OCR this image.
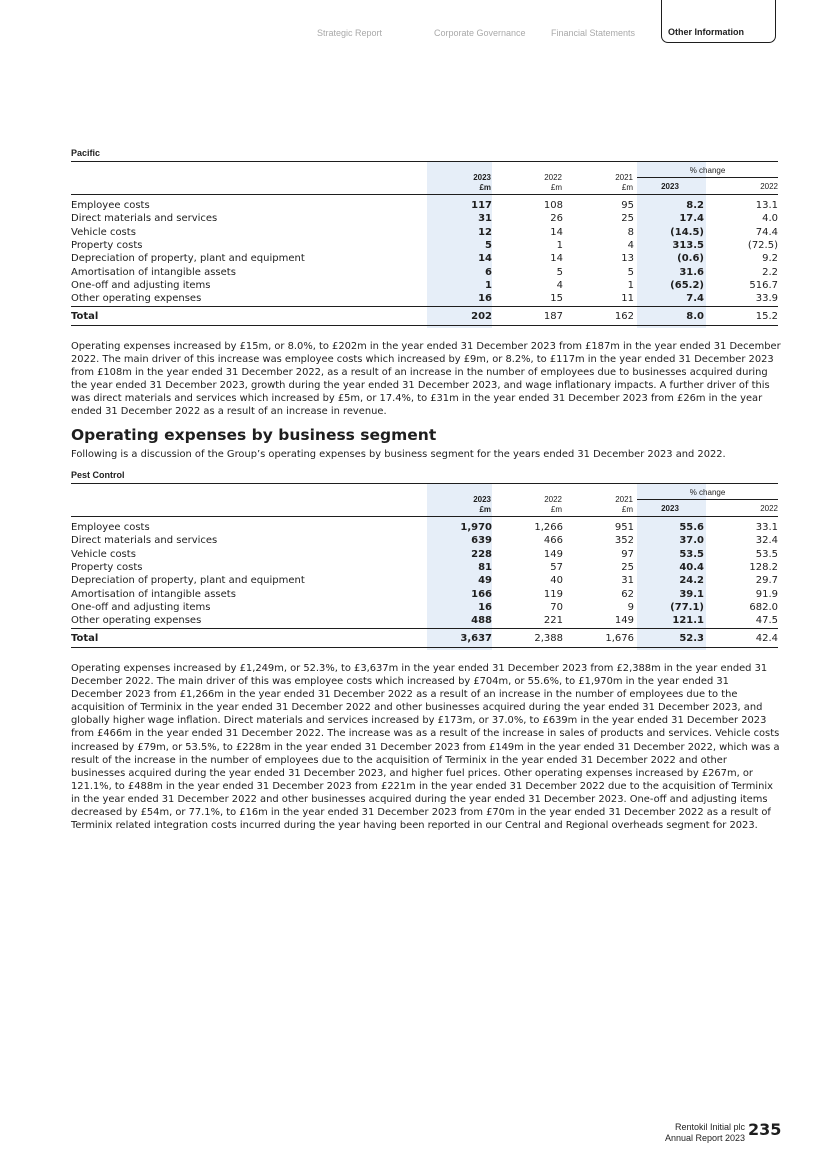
Strategic Report	Corporate Governance	Financial Statements	Other Information
Pacific
2023
£m
2022
£m
2021
£m
% change
2023	2022
Employee costs	117	108	95	8.2	13.1
Direct materials and services	31	26	25	17.4	4.0
Vehicle costs	12	14	8	(14.5)	74.4
Property costs	5	1	4	313.5	(72.5)
Depreciation of property, plant and equipment	14	14	13	(0.6)	9.2
Amortisation of intangible assets	6	5	5	31.6	2.2
One-off and adjusting items	1	4	1	(65.2)	516.7
Other operating expenses	16	15	11	7.4	33.9
Total	202	187	162	8.0	15.2
Operating expenses increased by £15m, or 8.0%, to £202m in the year ended 31 December 2023 from £187m in the year ended 31 December 2022. The main driver of this increase was employee costs which increased by £9m, or 8.2%, to £117m in the year ended 31 December 2023 from £108m in the year ended 31 December 2022, as a result of an increase in the number of employees due to businesses acquired during the year ended 31 December 2023, growth during the year ended 31 December 2023, and wage inflationary impacts. A further driver of this was direct materials and services which increased by £5m, or 17.4%, to £31m in the year ended 31 December 2023 from £26m in the year ended 31 December 2022 as a result of an increase in revenue.
Operating expenses by business segment
Following is a discussion of the Group’s operating expenses by business segment for the years ended 31 December 2023 and 2022.
Pest Control
2023
£m
2022
£m
2021
£m
% change
2023	2022
Employee costs	1,970	1,266	951	55.6	33.1
Direct materials and services	639	466	352	37.0	32.4
Vehicle costs	228	149	97	53.5	53.5
Property costs	81	57	25	40.4	128.2
Depreciation of property, plant and equipment	49	40	31	24.2	29.7
Amortisation of intangible assets	166	119	62	39.1	91.9
One-off and adjusting items	16	70	9	(77.1)	682.0
Other operating expenses	488	221	149	121.1	47.5
Total	3,637	2,388	1,676	52.3	42.4
Operating expenses increased by £1,249m, or 52.3%, to £3,637m in the year ended 31 December 2023 from £2,388m in the year ended 31 December 2022. The main driver of this was employee costs which increased by £704m, or 55.6%, to £1,970m in the year ended 31 December 2023 from £1,266m in the year ended 31 December 2022 as a result of an increase in the number of employees due to the acquisition of Terminix in the year ended 31 December 2022 and other businesses acquired during the year ended 31 December 2023, and globally higher wage inflation. Direct materials and services increased by £173m, or 37.0%, to £639m in the year ended 31 December 2023 from £466m in the year ended 31 December 2022. The increase was as a result of the increase in sales of products and services. Vehicle costs increased by £79m, or 53.5%, to £228m in the year ended 31 December 2023 from £149m in the year ended 31 December 2022, which was a result of the increase in the number of employees due to the acquisition of Terminix in the year ended 31 December 2022 and other businesses acquired during the year ended 31 December 2023, and higher fuel prices. Other operating expenses increased by £267m, or 121.1%, to £488m in the year ended 31 December 2023 from £221m in the year ended 31 December 2022 due to the acquisition of Terminix in the year ended 31 December 2022 and other businesses acquired during the year ended 31 December 2023. One-off and adjusting items decreased by £54m, or 77.1%, to £16m in the year ended 31 December 2023 from £70m in the year ended 31 December 2022 as a result of Terminix related integration costs incurred during the year having been reported in our Central and Regional overheads segment for 2023.
Rentokil Initial plc
Annual Report 2023 235
